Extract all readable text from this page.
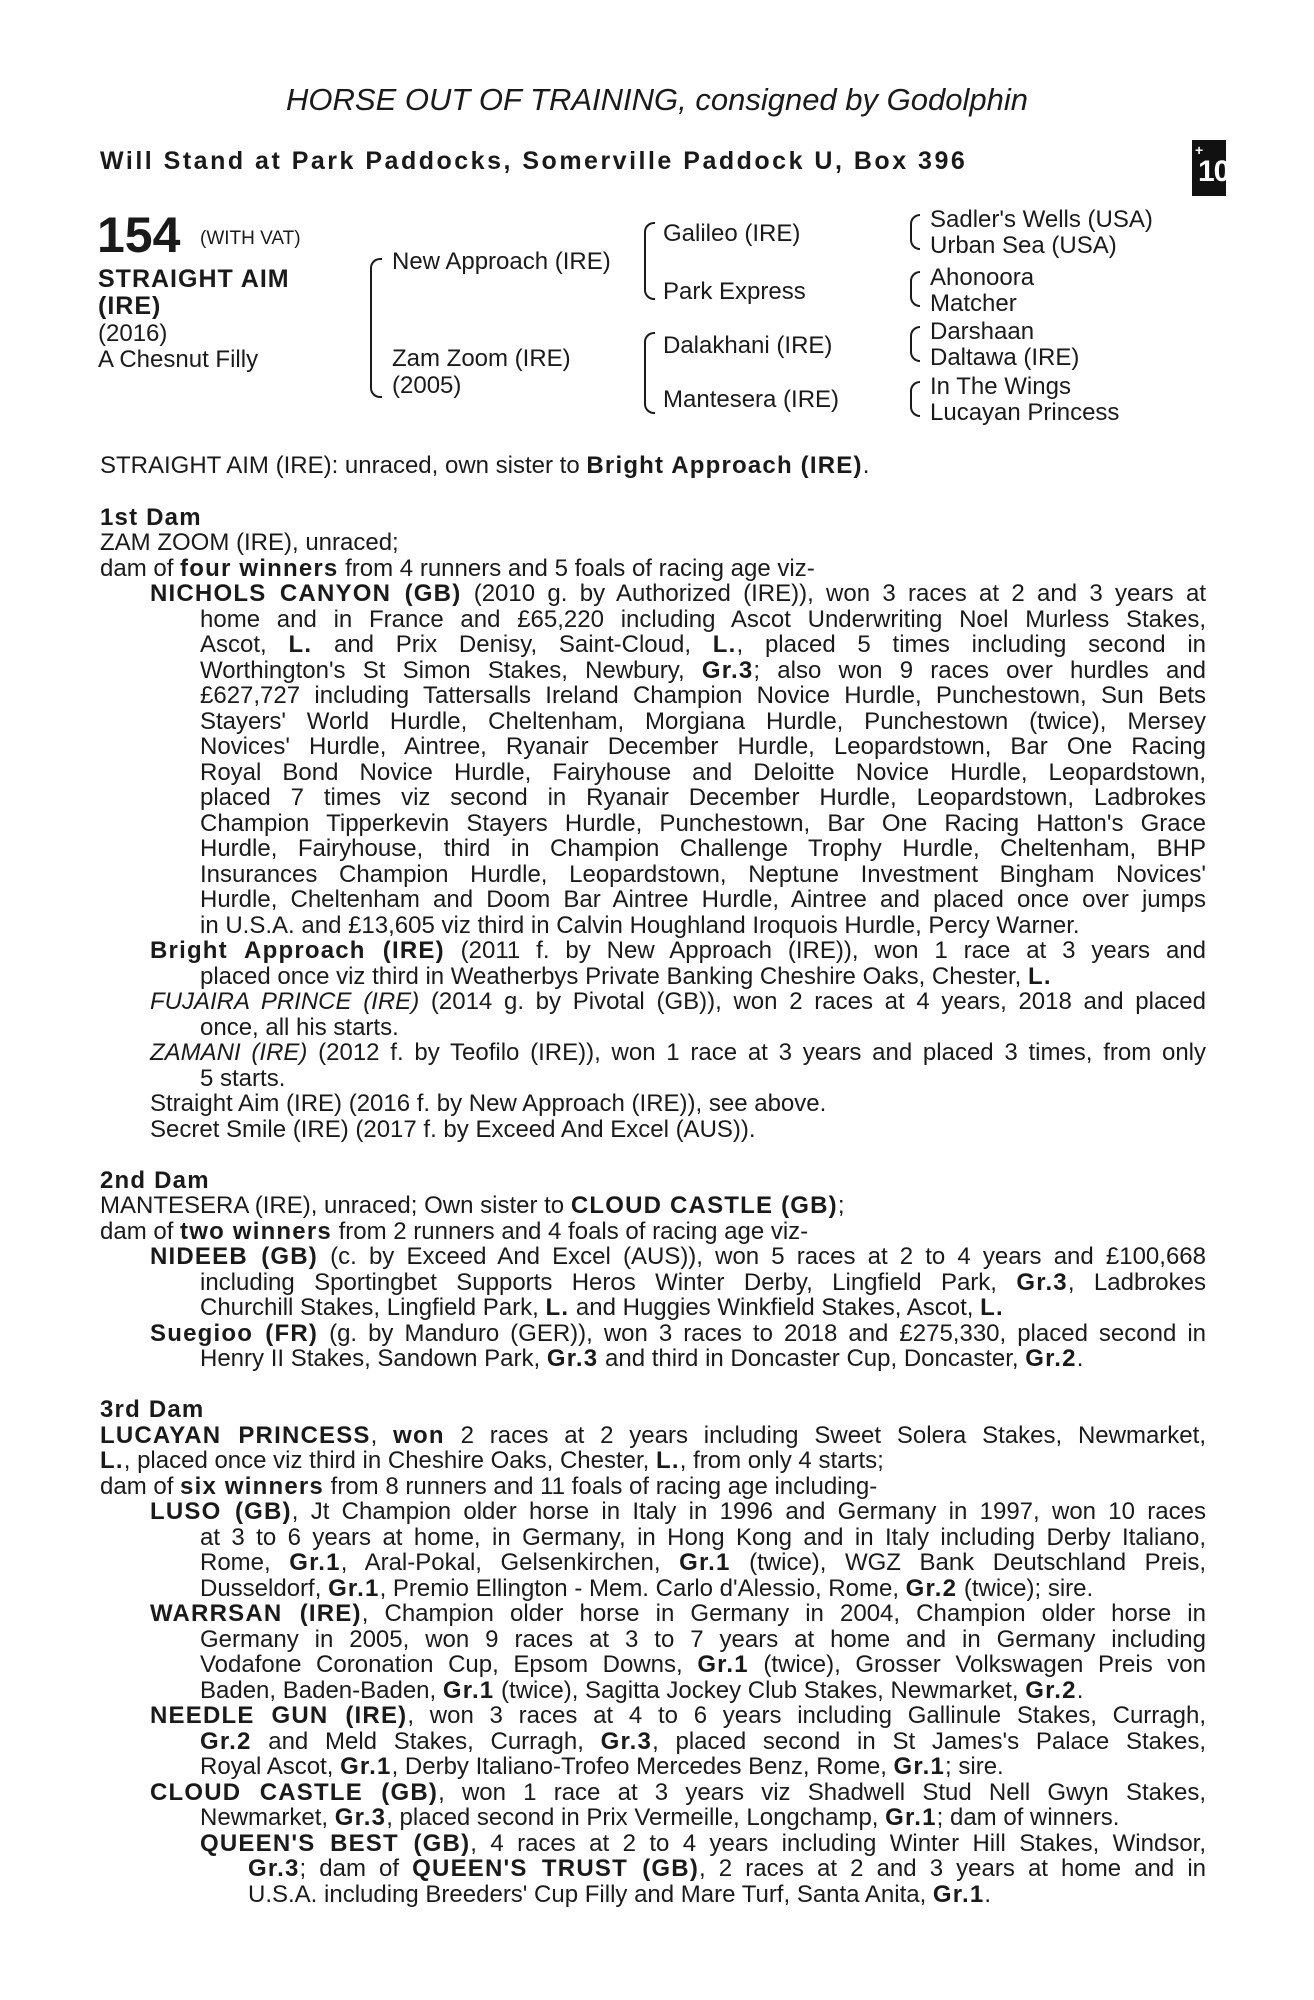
HORSE OUT OF TRAINING, consigned by Godolphin
Will Stand at Park Paddocks, Somerville Paddock U, Box 396	+
10
154 (WITH VAT)
STRAIGHT AIM (IRE)
(2016)
A Chesnut Filly
New Approach (IRE)
Zam Zoom (IRE)
(2005)
Galileo (IRE)
Park Express
Dalakhani (IRE)
Mantesera (IRE)
Sadler's Wells (USA)
Urban Sea (USA)
Ahonoora
Matcher
Darshaan
Daltawa (IRE)
In The Wings
Lucayan Princess
STRAIGHT AIM (IRE): unraced, own sister to Bright Approach (IRE).
1st Dam
ZAM ZOOM (IRE), unraced;
dam of four winners from 4 runners and 5 foals of racing age viz-
NICHOLS CANYON (GB) (2010 g. by Authorized (IRE)), won 3 races at 2 and 3 years at
home and in France and £65,220 including Ascot Underwriting Noel Murless Stakes,
Ascot, L. and Prix Denisy, Saint-Cloud, L., placed 5 times including second in
Worthington's St Simon Stakes, Newbury, Gr.3; also won 9 races over hurdles and
£627,727 including Tattersalls Ireland Champion Novice Hurdle, Punchestown, Sun Bets
Stayers' World Hurdle, Cheltenham, Morgiana Hurdle, Punchestown (twice), Mersey
Novices' Hurdle, Aintree, Ryanair December Hurdle, Leopardstown, Bar One Racing
Royal Bond Novice Hurdle, Fairyhouse and Deloitte Novice Hurdle, Leopardstown,
placed 7 times viz second in Ryanair December Hurdle, Leopardstown, Ladbrokes
Champion Tipperkevin Stayers Hurdle, Punchestown, Bar One Racing Hatton's Grace
Hurdle, Fairyhouse, third in Champion Challenge Trophy Hurdle, Cheltenham, BHP
Insurances Champion Hurdle, Leopardstown, Neptune Investment Bingham Novices'
Hurdle, Cheltenham and Doom Bar Aintree Hurdle, Aintree and placed once over jumps
in U.S.A. and £13,605 viz third in Calvin Houghland Iroquois Hurdle, Percy Warner.
Bright Approach (IRE) (2011 f. by New Approach (IRE)), won 1 race at 3 years and
placed once viz third in Weatherbys Private Banking Cheshire Oaks, Chester, L.
FUJAIRA PRINCE (IRE) (2014 g. by Pivotal (GB)), won 2 races at 4 years, 2018 and placed
once, all his starts.
ZAMANI (IRE) (2012 f. by Teofilo (IRE)), won 1 race at 3 years and placed 3 times, from only
5 starts.
Straight Aim (IRE) (2016 f. by New Approach (IRE)), see above.
Secret Smile (IRE) (2017 f. by Exceed And Excel (AUS)).
2nd Dam
MANTESERA (IRE), unraced; Own sister to CLOUD CASTLE (GB);
dam of two winners from 2 runners and 4 foals of racing age viz-
NIDEEB (GB) (c. by Exceed And Excel (AUS)), won 5 races at 2 to 4 years and £100,668
including Sportingbet Supports Heros Winter Derby, Lingfield Park, Gr.3, Ladbrokes
Churchill Stakes, Lingfield Park, L. and Huggies Winkfield Stakes, Ascot, L.
Suegioo (FR) (g. by Manduro (GER)), won 3 races to 2018 and £275,330, placed second in
Henry II Stakes, Sandown Park, Gr.3 and third in Doncaster Cup, Doncaster, Gr.2.
3rd Dam
LUCAYAN PRINCESS, won 2 races at 2 years including Sweet Solera Stakes, Newmarket,
L., placed once viz third in Cheshire Oaks, Chester, L., from only 4 starts;
dam of six winners from 8 runners and 11 foals of racing age including-
LUSO (GB), Jt Champion older horse in Italy in 1996 and Germany in 1997, won 10 races
at 3 to 6 years at home, in Germany, in Hong Kong and in Italy including Derby Italiano,
Rome, Gr.1, Aral-Pokal, Gelsenkirchen, Gr.1 (twice), WGZ Bank Deutschland Preis,
Dusseldorf, Gr.1, Premio Ellington - Mem. Carlo d'Alessio, Rome, Gr.2 (twice); sire.
WARRSAN (IRE), Champion older horse in Germany in 2004, Champion older horse in
Germany in 2005, won 9 races at 3 to 7 years at home and in Germany including
Vodafone Coronation Cup, Epsom Downs, Gr.1 (twice), Grosser Volkswagen Preis von
Baden, Baden-Baden, Gr.1 (twice), Sagitta Jockey Club Stakes, Newmarket, Gr.2.
NEEDLE GUN (IRE), won 3 races at 4 to 6 years including Gallinule Stakes, Curragh,
Gr.2 and Meld Stakes, Curragh, Gr.3, placed second in St James's Palace Stakes,
Royal Ascot, Gr.1, Derby Italiano-Trofeo Mercedes Benz, Rome, Gr.1; sire.
CLOUD CASTLE (GB), won 1 race at 3 years viz Shadwell Stud Nell Gwyn Stakes,
Newmarket, Gr.3, placed second in Prix Vermeille, Longchamp, Gr.1; dam of winners.
QUEEN'S BEST (GB), 4 races at 2 to 4 years including Winter Hill Stakes, Windsor,
Gr.3; dam of QUEEN'S TRUST (GB), 2 races at 2 and 3 years at home and in
U.S.A. including Breeders' Cup Filly and Mare Turf, Santa Anita, Gr.1.
